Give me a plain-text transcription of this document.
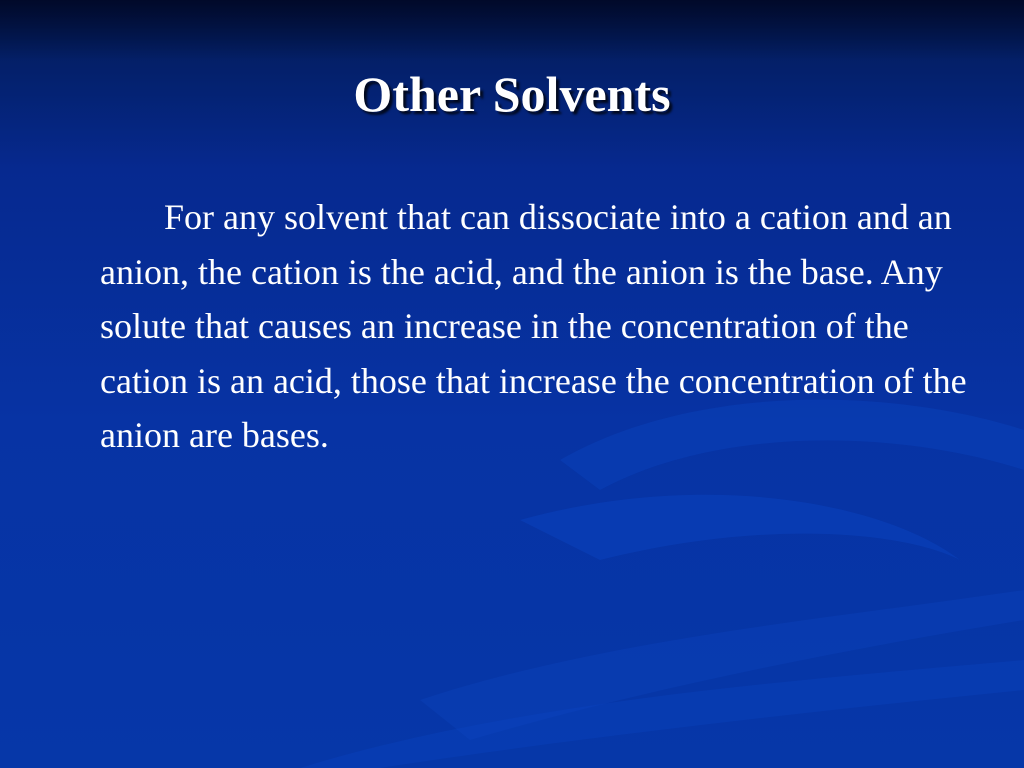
Other Solvents

For any solvent that can dissociate into a cation and an anion, the cation is the acid, and the anion is the base. Any solute that causes an increase in the concentration of the cation is an acid, those that increase the concentration of the anion are bases.
